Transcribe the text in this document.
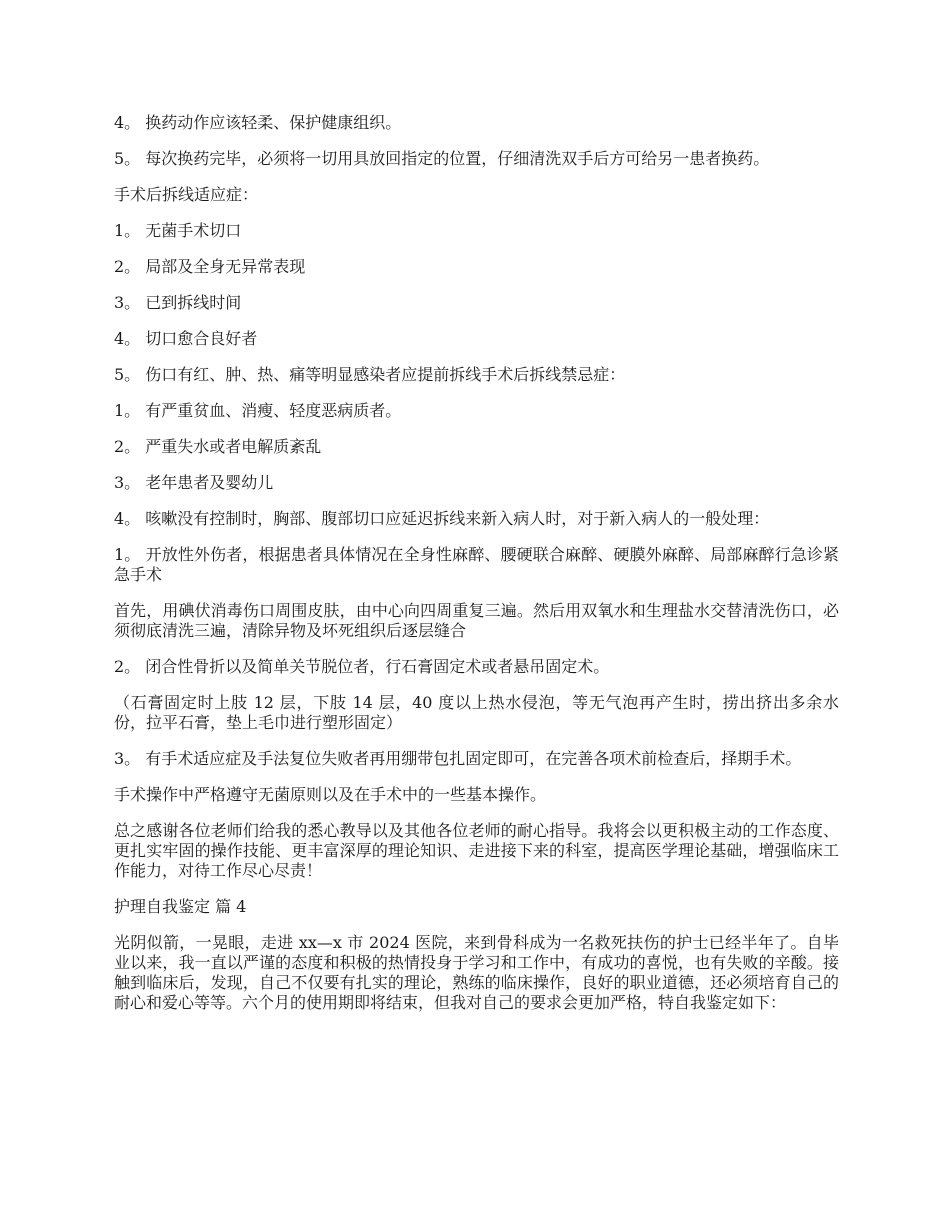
4。 换药动作应该轻柔、保护健康组织。

5。 每次换药完毕，必须将一切用具放回指定的位置，仔细清洗双手后方可给另一患者换药。

手术后拆线适应症：

1。 无菌手术切口

2。 局部及全身无异常表现

3。 已到拆线时间

4。 切口愈合良好者

5。 伤口有红、肿、热、痛等明显感染者应提前拆线手术后拆线禁忌症：

1。 有严重贫血、消瘦、轻度恶病质者。

2。 严重失水或者电解质紊乱

3。 老年患者及婴幼儿

4。 咳嗽没有控制时，胸部、腹部切口应延迟拆线来新入病人时，对于新入病人的一般处理：

1。 开放性外伤者，根据患者具体情况在全身性麻醉、腰硬联合麻醉、硬膜外麻醉、局部麻醉行急诊紧急手术

首先，用碘伏消毒伤口周围皮肤，由中心向四周重复三遍。然后用双氧水和生理盐水交替清洗伤口，必须彻底清洗三遍，清除异物及坏死组织后逐层缝合

2。 闭合性骨折以及简单关节脱位者，行石膏固定术或者悬吊固定术。

（石膏固定时上肢 12 层，下肢 14 层，40 度以上热水侵泡，等无气泡再产生时，捞出挤出多余水份，拉平石膏，垫上毛巾进行塑形固定）

3。 有手术适应症及手法复位失败者再用绷带包扎固定即可，在完善各项术前检查后，择期手术。

手术操作中严格遵守无菌原则以及在手术中的一些基本操作。

总之感谢各位老师们给我的悉心教导以及其他各位老师的耐心指导。我将会以更积极主动的工作态度、更扎实牢固的操作技能、更丰富深厚的理论知识、走进接下来的科室，提高医学理论基础，增强临床工作能力，对待工作尽心尽责！

护理自我鉴定 篇 4

光阴似箭，一晃眼，走进 xx—x 市 2024 医院，来到骨科成为一名救死扶伤的护士已经半年了。自毕业以来，我一直以严谨的态度和积极的热情投身于学习和工作中，有成功的喜悦，也有失败的辛酸。接触到临床后，发现，自己不仅要有扎实的理论，熟练的临床操作，良好的职业道德，还必须培育自己的耐心和爱心等等。六个月的使用期即将结束，但我对自己的要求会更加严格，特自我鉴定如下：
